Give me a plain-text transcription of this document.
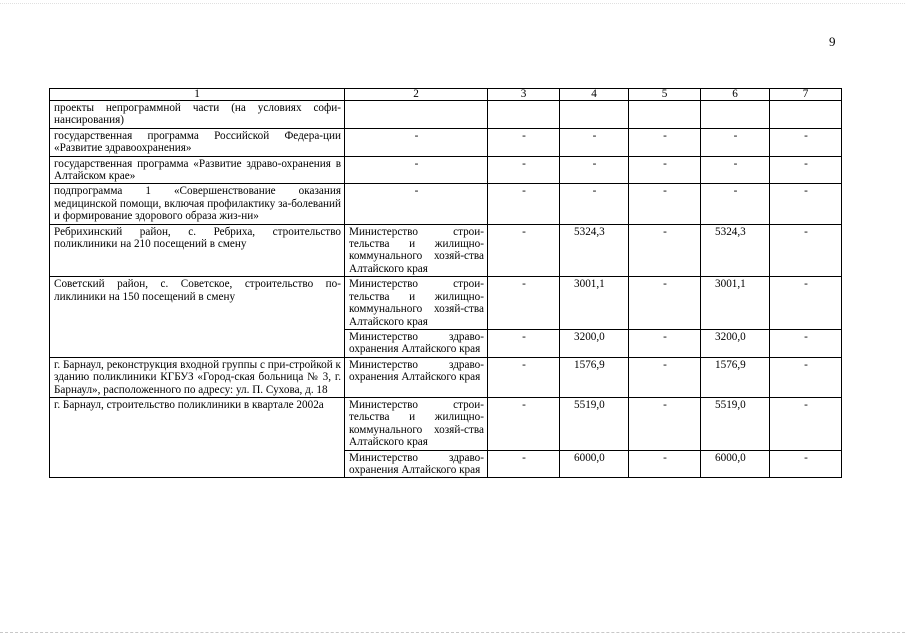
9
1	2	3	4	5	6	7
проекты непрограммной части (на условиях софи-нансирования)						
государственная программа Российской Федера-ции «Развитие здравоохранения»	-	-	-	-	-	-
государственная программа «Развитие здраво-охранения в Алтайском крае»	-	-	-	-	-	-
подпрограмма 1 «Совершенствование оказания медицинской помощи, включая профилактику за-болеваний и формирование здорового образа жиз-ни»	-	-	-	-	-	-
Ребрихинский район, с. Ребриха, строительство поликлиники на 210 посещений в смену	Министерство строи-тельства и жилищно-коммунального хозяй-ства Алтайского края	-	5324,3	-	5324,3	-
Советский район, с. Советское, строительство по-ликлиники на 150 посещений в смену	Министерство строи-тельства и жилищно-коммунального хозяй-ства Алтайского края	-	3001,1	-	3001,1	-
	Министерство здраво-охранения Алтайского края	-	3200,0	-	3200,0	-
г. Барнаул, реконструкция входной группы с при-стройкой к зданию поликлиники КГБУЗ «Город-ская больница № 3, г. Барнаул», расположенного по адресу: ул. П. Сухова, д. 18	Министерство здраво-охранения Алтайского края	-	1576,9	-	1576,9	-
г. Барнаул, строительство поликлиники в квартале 2002а	Министерство строи-тельства и жилищно-коммунального хозяй-ства Алтайского края	-	5519,0	-	5519,0	-
	Министерство здраво-охранения Алтайского края	-	6000,0	-	6000,0	-
